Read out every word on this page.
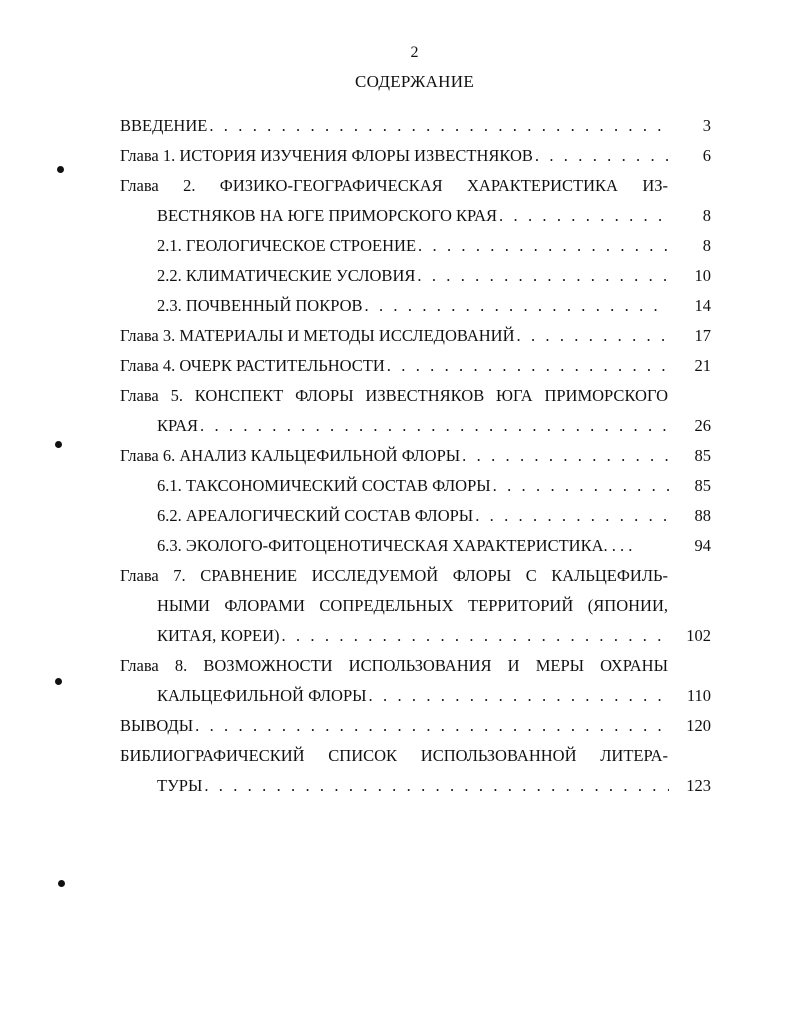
2
СОДЕРЖАНИЕ
ВВЕДЕНИЕ . . .	3
Глава 1. ИСТОРИЯ ИЗУЧЕНИЯ ФЛОРЫ ИЗВЕСТНЯКОВ . . .	6
Глава 2. ФИЗИКО-ГЕОГРАФИЧЕСКАЯ ХАРАКТЕРИСТИКА ИЗ-
ВЕСТНЯКОВ НА ЮГЕ ПРИМОРСКОГО КРАЯ . . .	8
2.1. ГЕОЛОГИЧЕСКОЕ СТРОЕНИЕ . . .	8
2.2. КЛИМАТИЧЕСКИЕ УСЛОВИЯ . . .	10
2.3. ПОЧВЕННЫЙ ПОКРОВ . . .	14
Глава 3. МАТЕРИАЛЫ И МЕТОДЫ ИССЛЕДОВАНИЙ . . .	17
Глава 4. ОЧЕРК РАСТИТЕЛЬНОСТИ . . .	21
Глава 5. КОНСПЕКТ ФЛОРЫ ИЗВЕСТНЯКОВ ЮГА ПРИМОРСКОГО
КРАЯ . . .	26
Глава 6. АНАЛИЗ КАЛЬЦЕФИЛЬНОЙ ФЛОРЫ . . .	85
6.1. ТАКСОНОМИЧЕСКИЙ СОСТАВ ФЛОРЫ . . .	85
6.2. АРЕАЛОГИЧЕСКИЙ СОСТАВ ФЛОРЫ . . .	88
6.3. ЭКОЛОГО-ФИТОЦЕНОТИЧЕСКАЯ ХАРАКТЕРИСТИКА. . . .	94
Глава 7. СРАВНЕНИЕ ИССЛЕДУЕМОЙ ФЛОРЫ С КАЛЬЦЕФИЛЬ-
НЫМИ ФЛОРАМИ СОПРЕДЕЛЬНЫХ ТЕРРИТОРИЙ (ЯПОНИИ,
КИТАЯ, КОРЕИ) . . .	102
Глава 8. ВОЗМОЖНОСТИ ИСПОЛЬЗОВАНИЯ И МЕРЫ ОХРАНЫ
КАЛЬЦЕФИЛЬНОЙ ФЛОРЫ . . .	110
ВЫВОДЫ . . .	120
БИБЛИОГРАФИЧЕСКИЙ СПИСОК ИСПОЛЬЗОВАННОЙ ЛИТЕРА-
ТУРЫ . . .	123
